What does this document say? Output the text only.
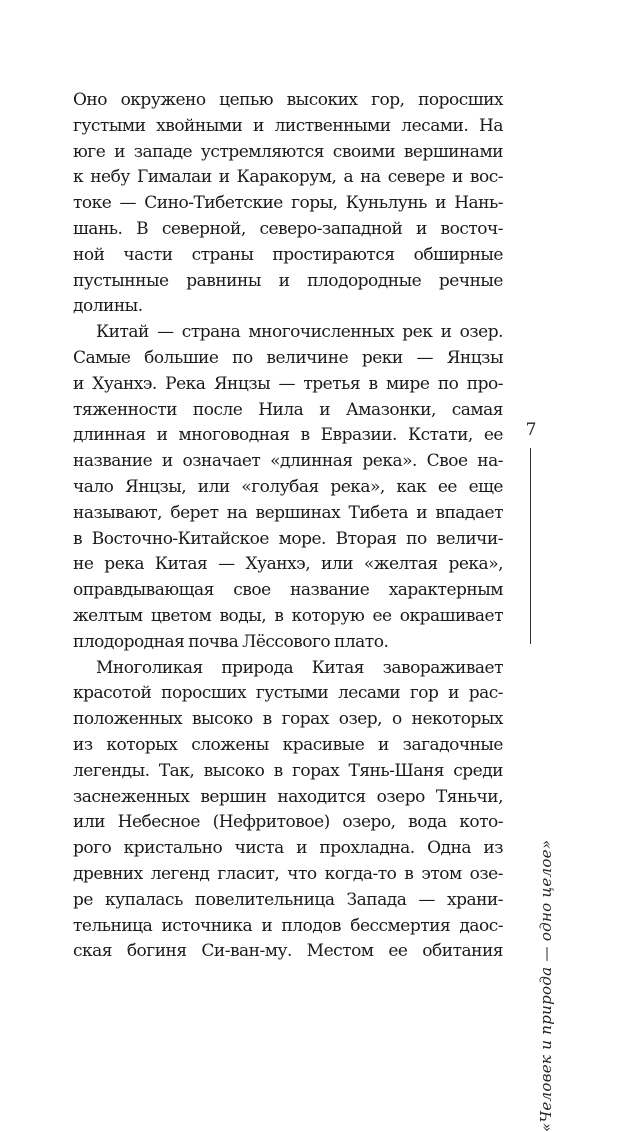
Оно окружено цепью высоких гор, поросших
густыми хвойными и лиственными лесами. На
юге и западе устремляются своими вершинами
к небу Гималаи и Каракорум, а на севере и вос-
токе — Сино-Тибетские горы, Куньлунь и Нань-
шань. В северной, северо-западной и восточ-
ной части страны простираются обширные
пустынные равнины и плодородные речные
долины.
Китай — страна многочисленных рек и озер.
Самые большие по величине реки — Янцзы
и Хуанхэ. Река Янцзы — третья в мире по про-
тяженности после Нила и Амазонки, самая
длинная и многоводная в Евразии. Кстати, ее
название и означает «длинная река». Свое на-
чало Янцзы, или «голубая река», как ее еще
называют, берет на вершинах Тибета и впадает
в Восточно-Китайское море. Вторая по величи-
не река Китая — Хуанхэ, или «желтая река»,
оправдывающая свое название характерным
желтым цветом воды, в которую ее окрашивает
плодородная почва Лёссового плато.
Многоликая природа Китая завораживает
красотой поросших густыми лесами гор и рас-
положенных высоко в горах озер, о некоторых
из которых сложены красивые и загадочные
легенды. Так, высоко в горах Тянь-Шаня среди
заснеженных вершин находится озеро Тяньчи,
или Небесное (Нефритовое) озеро, вода кото-
рого кристально чиста и прохладна. Одна из
древних легенд гласит, что когда-то в этом озе-
ре купалась повелительница Запада — храни-
тельница источника и плодов бессмертия даос-
ская богиня Си-ван-му. Местом ее обитания
7
«Человек и природа — одно целое»
